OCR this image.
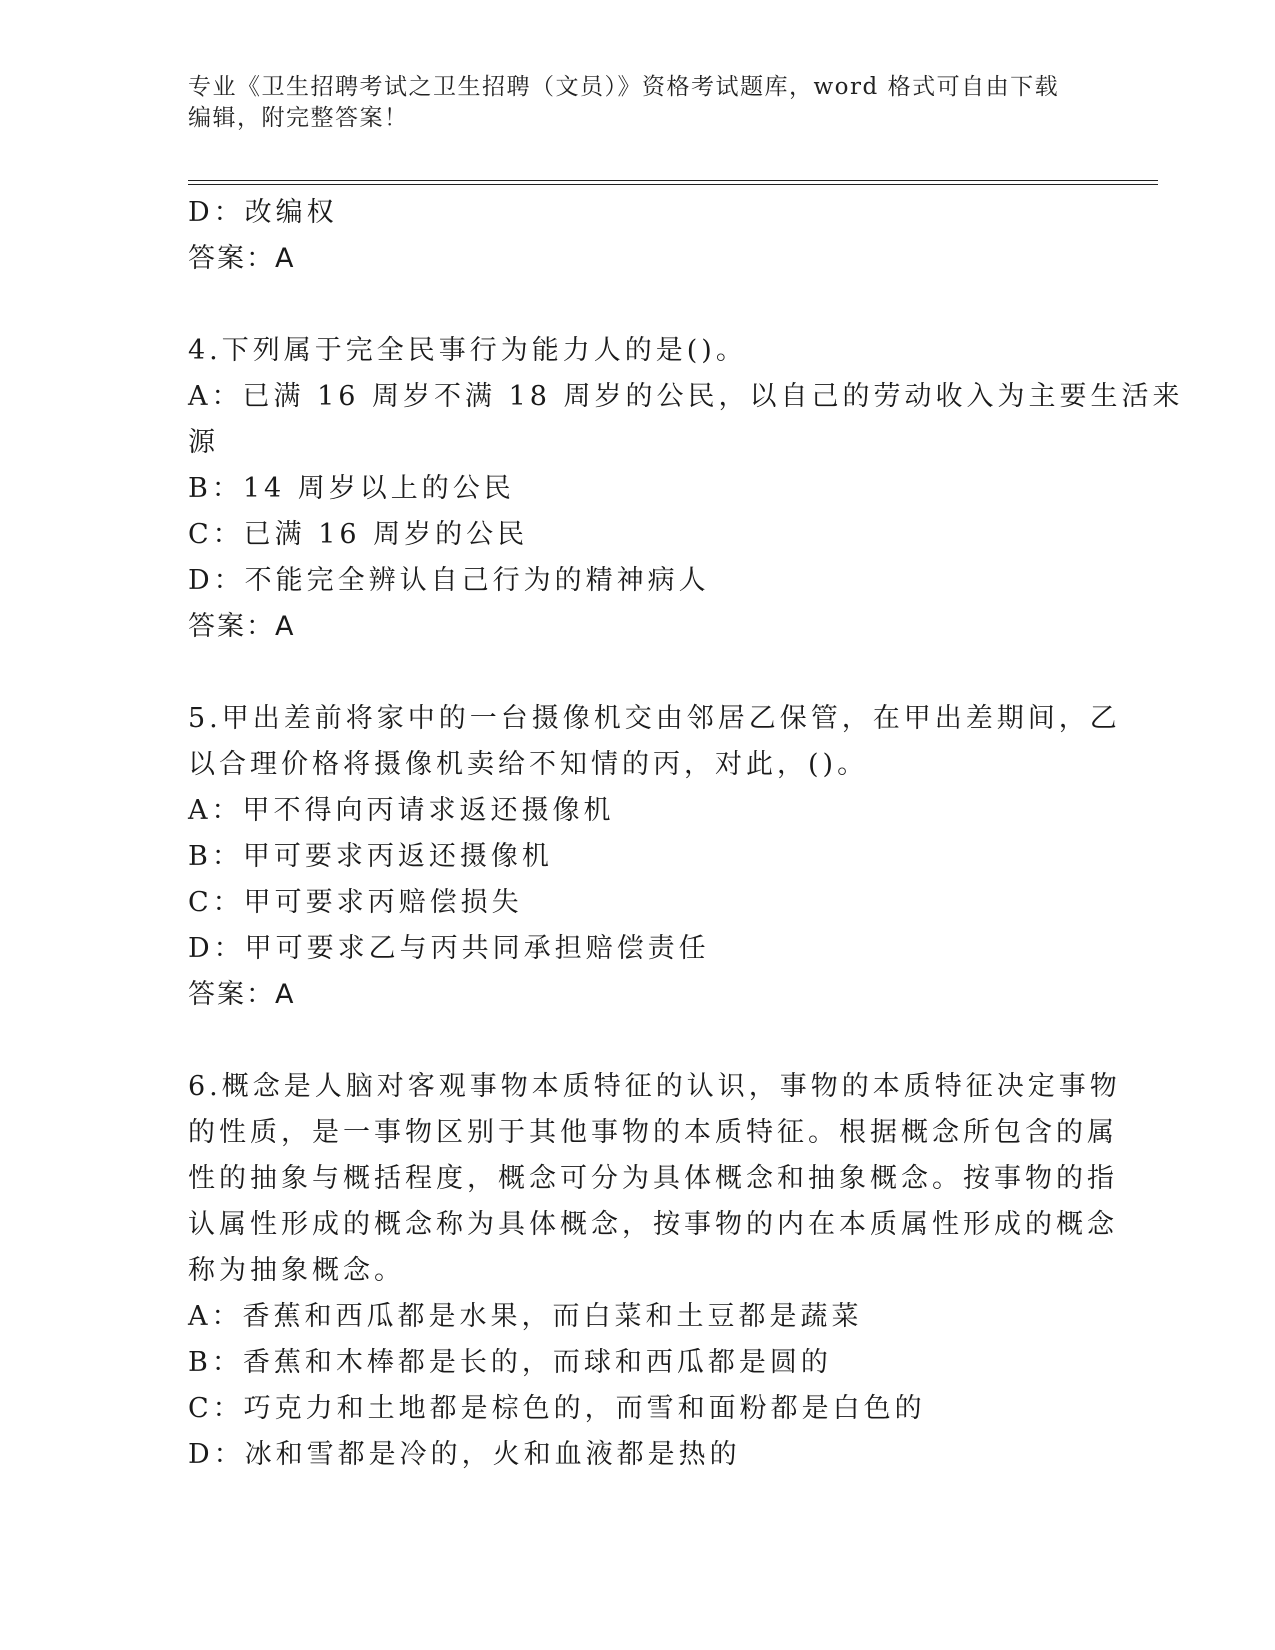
专业《卫生招聘考试之卫生招聘（文员）》资格考试题库，word 格式可自由下载
编辑，附完整答案！
D：改编权
答案：A
4.下列属于完全民事行为能力人的是()。
A：已满 16 周岁不满 18 周岁的公民，以自己的劳动收入为主要生活来
源
B：14 周岁以上的公民
C：已满 16 周岁的公民
D：不能完全辨认自己行为的精神病人
答案：A
5.甲出差前将家中的一台摄像机交由邻居乙保管，在甲出差期间，乙
以合理价格将摄像机卖给不知情的丙，对此，()。
A：甲不得向丙请求返还摄像机
B：甲可要求丙返还摄像机
C：甲可要求丙赔偿损失
D：甲可要求乙与丙共同承担赔偿责任
答案：A
6.概念是人脑对客观事物本质特征的认识，事物的本质特征决定事物
的性质，是一事物区别于其他事物的本质特征。根据概念所包含的属
性的抽象与概括程度，概念可分为具体概念和抽象概念。按事物的指
认属性形成的概念称为具体概念，按事物的内在本质属性形成的概念
称为抽象概念。
A：香蕉和西瓜都是水果，而白菜和土豆都是蔬菜
B：香蕉和木棒都是长的，而球和西瓜都是圆的
C：巧克力和土地都是棕色的，而雪和面粉都是白色的
D：冰和雪都是冷的，火和血液都是热的
